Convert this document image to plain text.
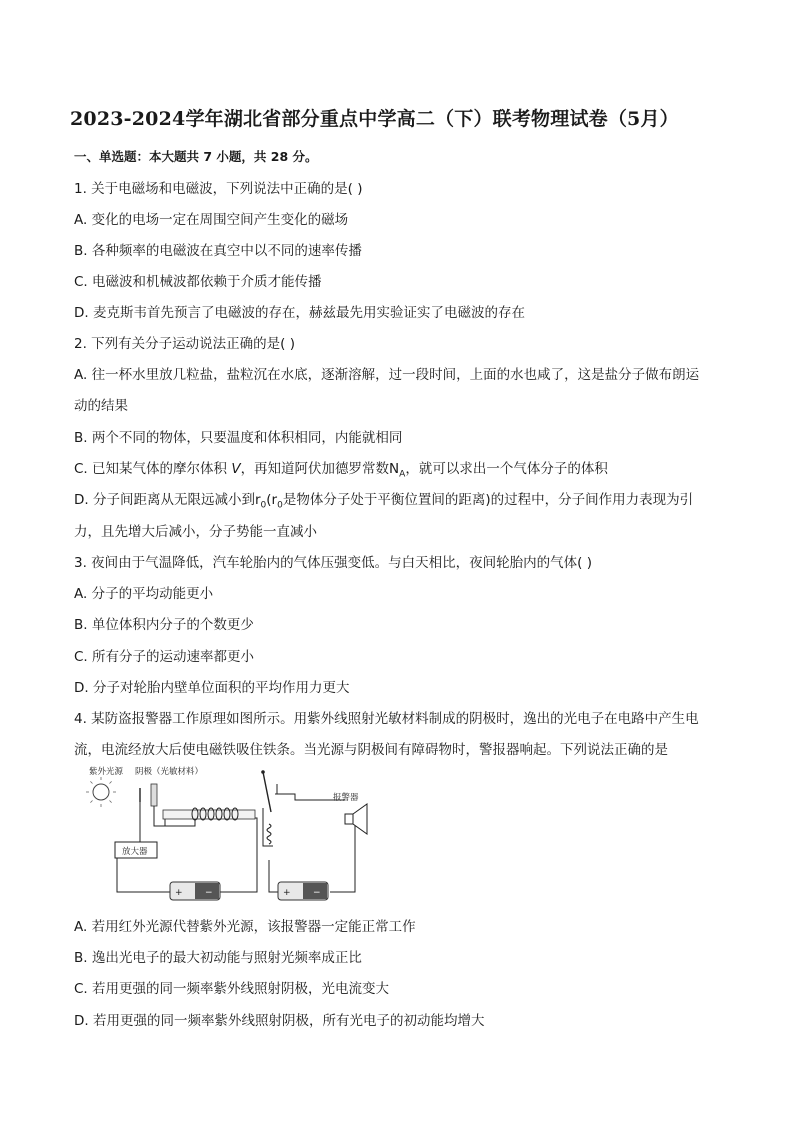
2023-2024学年湖北省部分重点中学高二（下）联考物理试卷（5月）
一、单选题：本大题共 7 小题，共 28 分。
1. 关于电磁场和电磁波，下列说法中正确的是( )
A. 变化的电场一定在周围空间产生变化的磁场
B. 各种频率的电磁波在真空中以不同的速率传播
C. 电磁波和机械波都依赖于介质才能传播
D. 麦克斯韦首先预言了电磁波的存在，赫兹最先用实验证实了电磁波的存在
2. 下列有关分子运动说法正确的是( )
A. 往一杯水里放几粒盐，盐粒沉在水底，逐渐溶解，过一段时间，上面的水也咸了，这是盐分子做布朗运
动的结果
B. 两个不同的物体，只要温度和体积相同，内能就相同
C. 已知某气体的摩尔体积 V，再知道阿伏加德罗常数$N_A$，就可以求出一个气体分子的体积
D. 分子间距离从无限远减小到$r_0(r_0$是物体分子处于平衡位置间的距离)的过程中，分子间作用力表现为引
力，且先增大后减小，分子势能一直减小
3. 夜间由于气温降低，汽车轮胎内的气体压强变低。与白天相比，夜间轮胎内的气体( )
A. 分子的平均动能更小
B. 单位体积内分子的个数更少
C. 所有分子的运动速率都更小
D. 分子对轮胎内壁单位面积的平均作用力更大
4. 某防盗报警器工作原理如图所示。用紫外线照射光敏材料制成的阴极时，逸出的光电子在电路中产生电
流，电流经放大后使电磁铁吸住铁条。当光源与阴极间有障碍物时，警报器响起。下列说法正确的是
紫外光源 阴极（光敏材料）
报警器
放大器
+ −	+ −
A. 若用红外光源代替紫外光源，该报警器一定能正常工作
B. 逸出光电子的最大初动能与照射光频率成正比
C. 若用更强的同一频率紫外线照射阴极，光电流变大
D. 若用更强的同一频率紫外线照射阴极，所有光电子的初动能均增大
